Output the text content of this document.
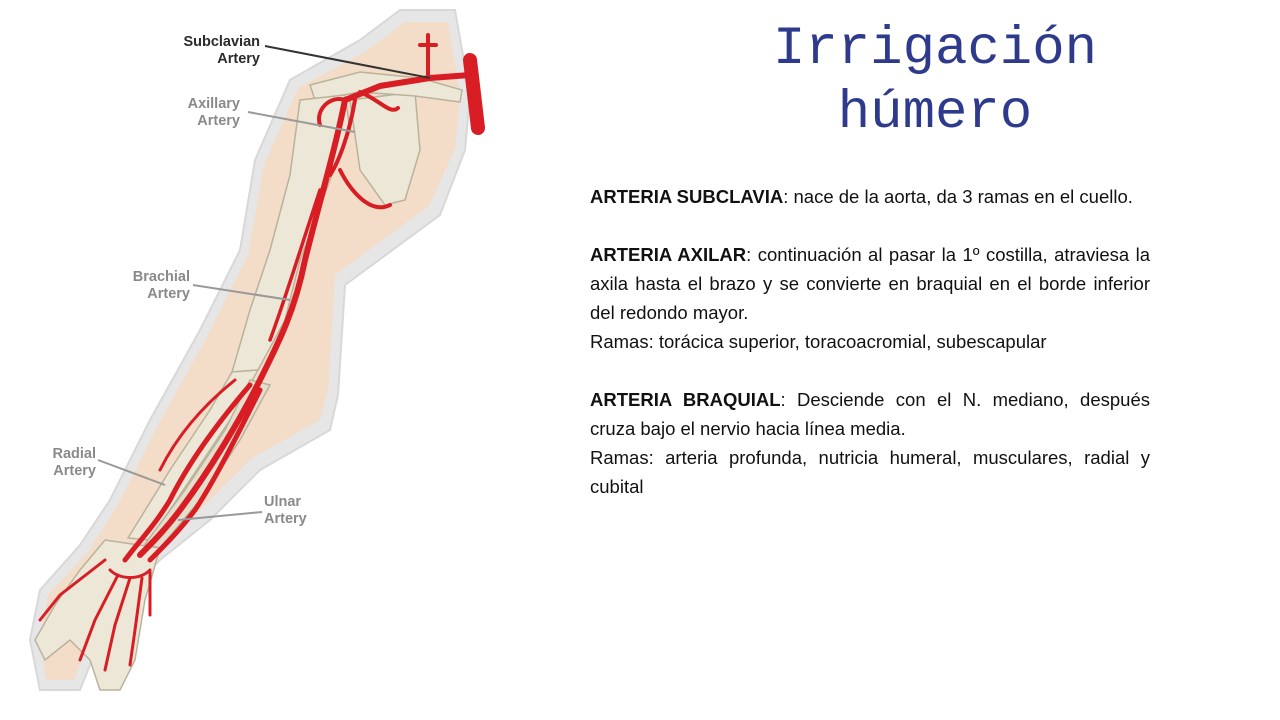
Subclavian
Artery
Axillary
Artery
Brachial
Artery
Radial
Artery
Ulnar
Artery
Irrigación
húmero

ARTERIA SUBCLAVIA: nace de la aorta, da 3 ramas en el cuello.

ARTERIA AXILAR: continuación al pasar la 1º costilla, atraviesa la axila hasta el brazo y se convierte en braquial en el borde inferior del redondo mayor.

Ramas: torácica superior, toracoacromial, subescapular

ARTERIA BRAQUIAL: Desciende con el N. mediano, después cruza bajo el nervio hacia línea media.

Ramas: arteria profunda, nutricia humeral, musculares, radial y cubital
